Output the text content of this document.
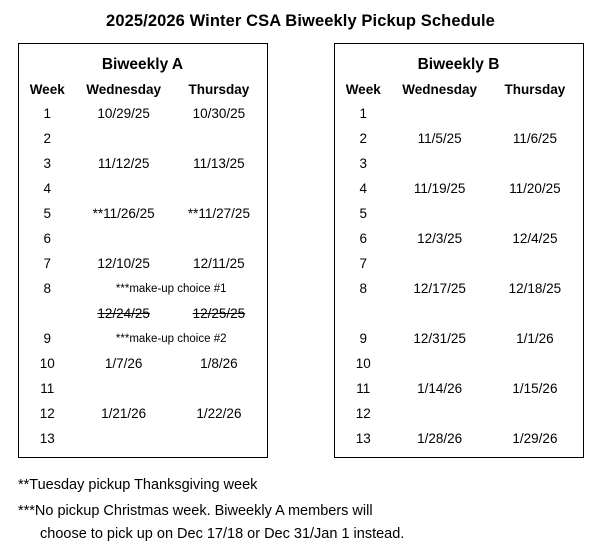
2025/2026 Winter CSA Biweekly Pickup Schedule
Biweekly A
Week	Wednesday	Thursday
1	10/29/25	10/30/25
2		
3	11/12/25	11/13/25
4		
5	**11/26/25	**11/27/25
6		
7	12/10/25	12/11/25
8	***make-up choice #1	
	12/24/25	12/25/25
9	***make-up choice #2	
10	1/7/26	1/8/26
11		
12	1/21/26	1/22/26
13		
Biweekly B
Week	Wednesday	Thursday
1		
2	11/5/25	11/6/25
3		
4	11/19/25	11/20/25
5		
6	12/3/25	12/4/25
7		
8	12/17/25	12/18/25

9	12/31/25	1/1/26
10		
11	1/14/26	1/15/26
12		
13	1/28/26	1/29/26
**Tuesday pickup Thanksgiving week
***No pickup Christmas week. Biweekly A members will
choose to pick up on Dec 17/18 or Dec 31/Jan 1 instead.
